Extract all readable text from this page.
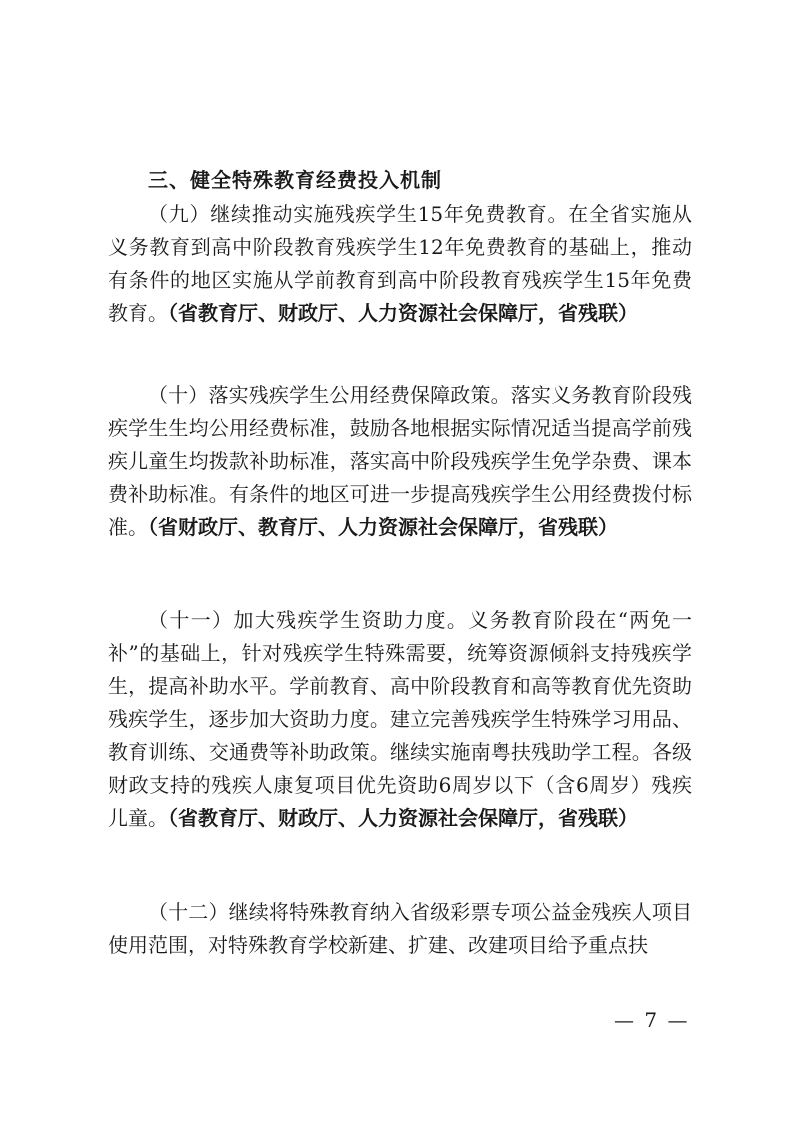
三、健全特殊教育经费投入机制

（九）继续推动实施残疾学生15年免费教育。在全省实施从义务教育到高中阶段教育残疾学生12年免费教育的基础上，推动有条件的地区实施从学前教育到高中阶段教育残疾学生15年免费教育。（省教育厅、财政厅、人力资源社会保障厅，省残联）

（十）落实残疾学生公用经费保障政策。落实义务教育阶段残疾学生生均公用经费标准，鼓励各地根据实际情况适当提高学前残疾儿童生均拨款补助标准，落实高中阶段残疾学生免学杂费、课本费补助标准。有条件的地区可进一步提高残疾学生公用经费拨付标准。（省财政厅、教育厅、人力资源社会保障厅，省残联）

（十一）加大残疾学生资助力度。义务教育阶段在“两免一补”的基础上，针对残疾学生特殊需要，统筹资源倾斜支持残疾学生，提高补助水平。学前教育、高中阶段教育和高等教育优先资助残疾学生，逐步加大资助力度。建立完善残疾学生特殊学习用品、教育训练、交通费等补助政策。继续实施南粤扶残助学工程。各级财政支持的残疾人康复项目优先资助6周岁以下（含6周岁）残疾儿童。（省教育厅、财政厅、人力资源社会保障厅，省残联）

（十二）继续将特殊教育纳入省级彩票专项公益金残疾人项目使用范围，对特殊教育学校新建、扩建、改建项目给予重点扶

— 7 —
